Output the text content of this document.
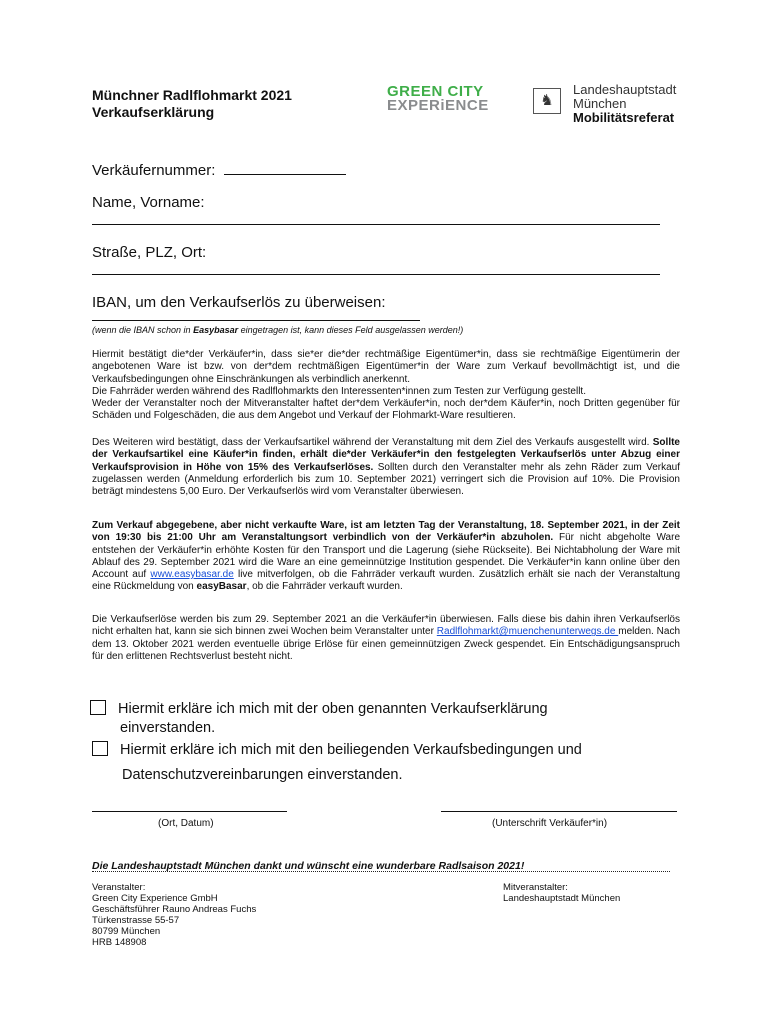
Münchner Radlflohmarkt 2021
Verkaufserklärung
GREEN CITY
EXPERiENCE	♞
Landeshauptstadt
München
Mobilitätsreferat
Verkäufernummer:
Name, Vorname:
Straße, PLZ, Ort:
IBAN, um den Verkaufserlös zu überweisen:
(wenn die IBAN schon in Easybasar eingetragen ist, kann dieses Feld ausgelassen werden!)

Hiermit bestätigt die*der Verkäufer*in, dass sie*er die*der rechtmäßige Eigentümer*in, dass sie rechtmäßige Eigentümerin der angebotenen Ware ist bzw. von der*dem rechtmäßigen Eigentümer*in der Ware zum Verkauf bevollmächtigt ist, und die Verkaufsbedingungen ohne Einschränkungen als verbindlich anerkennt.

Die Fahrräder werden während des Radlflohmarkts den Interessenten*innen zum Testen zur Verfügung gestellt.

Weder der Veranstalter noch der Mitveranstalter haftet der*dem Verkäufer*in, noch der*dem Käufer*in, noch Dritten gegenüber für Schäden und Folgeschäden, die aus dem Angebot und Verkauf der Flohmarkt-Ware resultieren.

Des Weiteren wird bestätigt, dass der Verkaufsartikel während der Veranstaltung mit dem Ziel des Verkaufs ausgestellt wird. Sollte der Verkaufsartikel eine Käufer*in finden, erhält die*der Verkäufer*in den festgelegten Verkaufserlös unter Abzug einer Verkaufsprovision in Höhe von 15% des Verkaufserlöses. Sollten durch den Veranstalter mehr als zehn Räder zum Verkauf zugelassen werden (Anmeldung erforderlich bis zum 10. September 2021) verringert sich die Provision auf 10%. Die Provision beträgt mindestens 5,00 Euro. Der Verkaufserlös wird vom Veranstalter überwiesen.

Zum Verkauf abgegebene, aber nicht verkaufte Ware, ist am letzten Tag der Veranstaltung, 18. September 2021, in der Zeit von 19:30 bis 21:00 Uhr am Veranstaltungsort verbindlich von der Verkäufer*in abzuholen. Für nicht abgeholte Ware entstehen der Verkäufer*in erhöhte Kosten für den Transport und die Lagerung (siehe Rückseite). Bei Nichtabholung der Ware mit Ablauf des 29. September 2021 wird die Ware an eine gemeinnützige Institution gespendet. Die Verkäufer*in kann online über den Account auf www.easybasar.de live mitverfolgen, ob die Fahrräder verkauft wurden. Zusätzlich erhält sie nach der Veranstaltung eine Rückmeldung von easyBasar, ob die Fahrräder verkauft wurden.

Die Verkaufserlöse werden bis zum 29. September 2021 an die Verkäufer*in überwiesen. Falls diese bis dahin ihren Verkaufserlös nicht erhalten hat, kann sie sich binnen zwei Wochen beim Veranstalter unter Radlflohmarkt@muenchenunterwegs.de melden. Nach dem 13. Oktober 2021 werden eventuelle übrige Erlöse für einen gemeinnützigen Zweck gespendet. Ein Entschädigungsanspruch für den erlittenen Rechtsverlust besteht nicht.

Hiermit erkläre ich mich mit der oben genannten Verkaufserklärung
einverstanden.
Hiermit erkläre ich mich mit den beiliegenden Verkaufsbedingungen und
Datenschutzvereinbarungen einverstanden.
(Ort, Datum)	(Unterschrift Verkäufer*in)
Die Landeshauptstadt München dankt und wünscht eine wunderbare Radlsaison 2021!
Veranstalter:
Green City Experience GmbH
Geschäftsführer Rauno Andreas Fuchs
Türkenstrasse 55-57
80799 München
HRB 148908
Mitveranstalter:
Landeshauptstadt München
